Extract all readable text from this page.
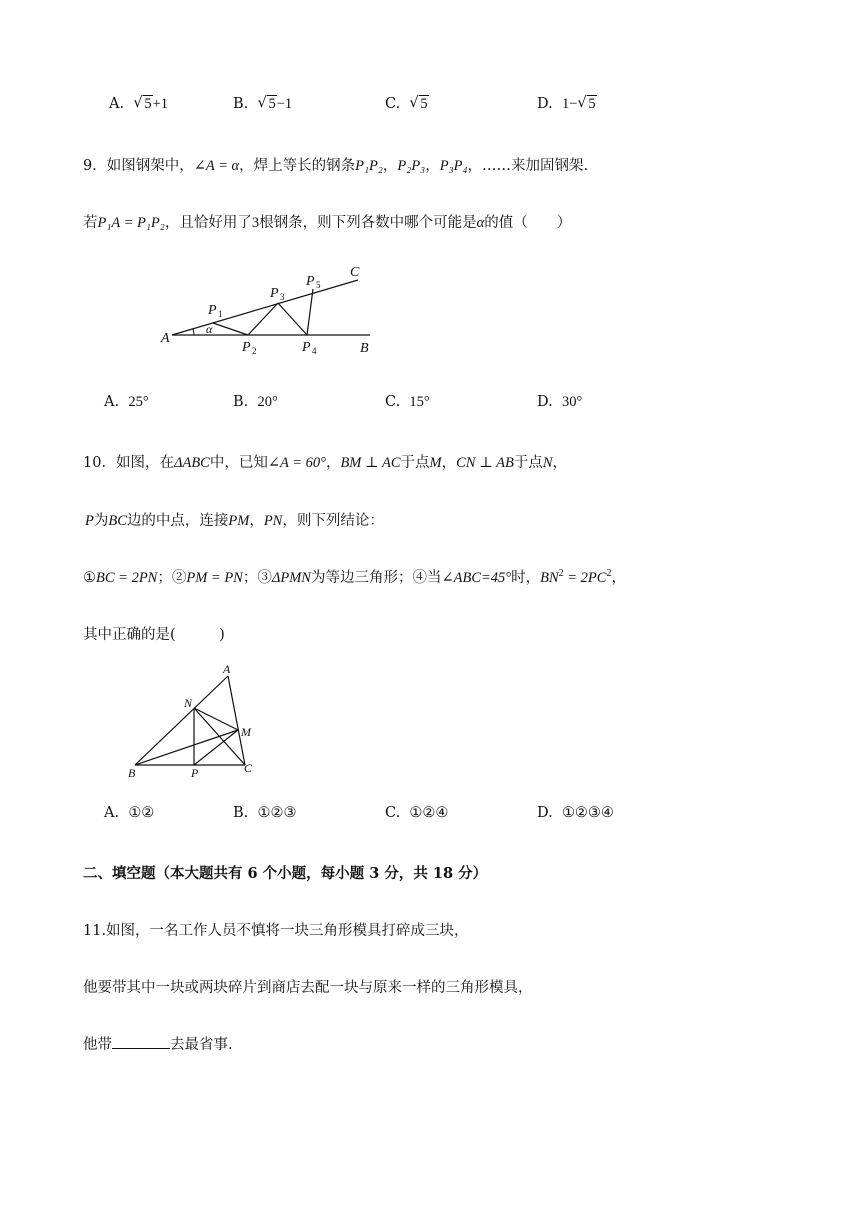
A. √ 5+1	B. √ 5−1	C. √ 5	D. 1− √ 5
9．如图钢架中，∠A = α，焊上等长的钢条P₁P₂，P₂P₃，P₃P₄，……来加固钢架.
若P₁A = P₁P₂，且恰好用了3根钢条，则下列各数中哪个可能是α的值（　　）
A
B
C
α
P 1
P 2
P 3
P 4
P 5
A. 25°	B. 20°	C. 15°	D. 30°
10．如图，在ΔABC中，已知∠A = 60°，BM ⊥ AC于点M，CN ⊥ AB于点N，
P为BC边的中点，连接PM，PN，则下列结论：
①BC = 2PN；②PM = PN；③ΔPMN为等边三角形；④当∠ABC=45°时，$BN^2 = 2PC^2$，
其中正确的是(　　　)
A
B	C
M
N
P
A. ①②	B. ①②③	C. ①②④	D. ①②③④
二、填空题（本大题共有 6 个小题，每小题 3 分，共 18 分）
11.如图，一名工作人员不慎将一块三角形模具打碎成三块，
他要带其中一块或两块碎片到商店去配一块与原来一样的三角形模具，
他带	去最省事.
